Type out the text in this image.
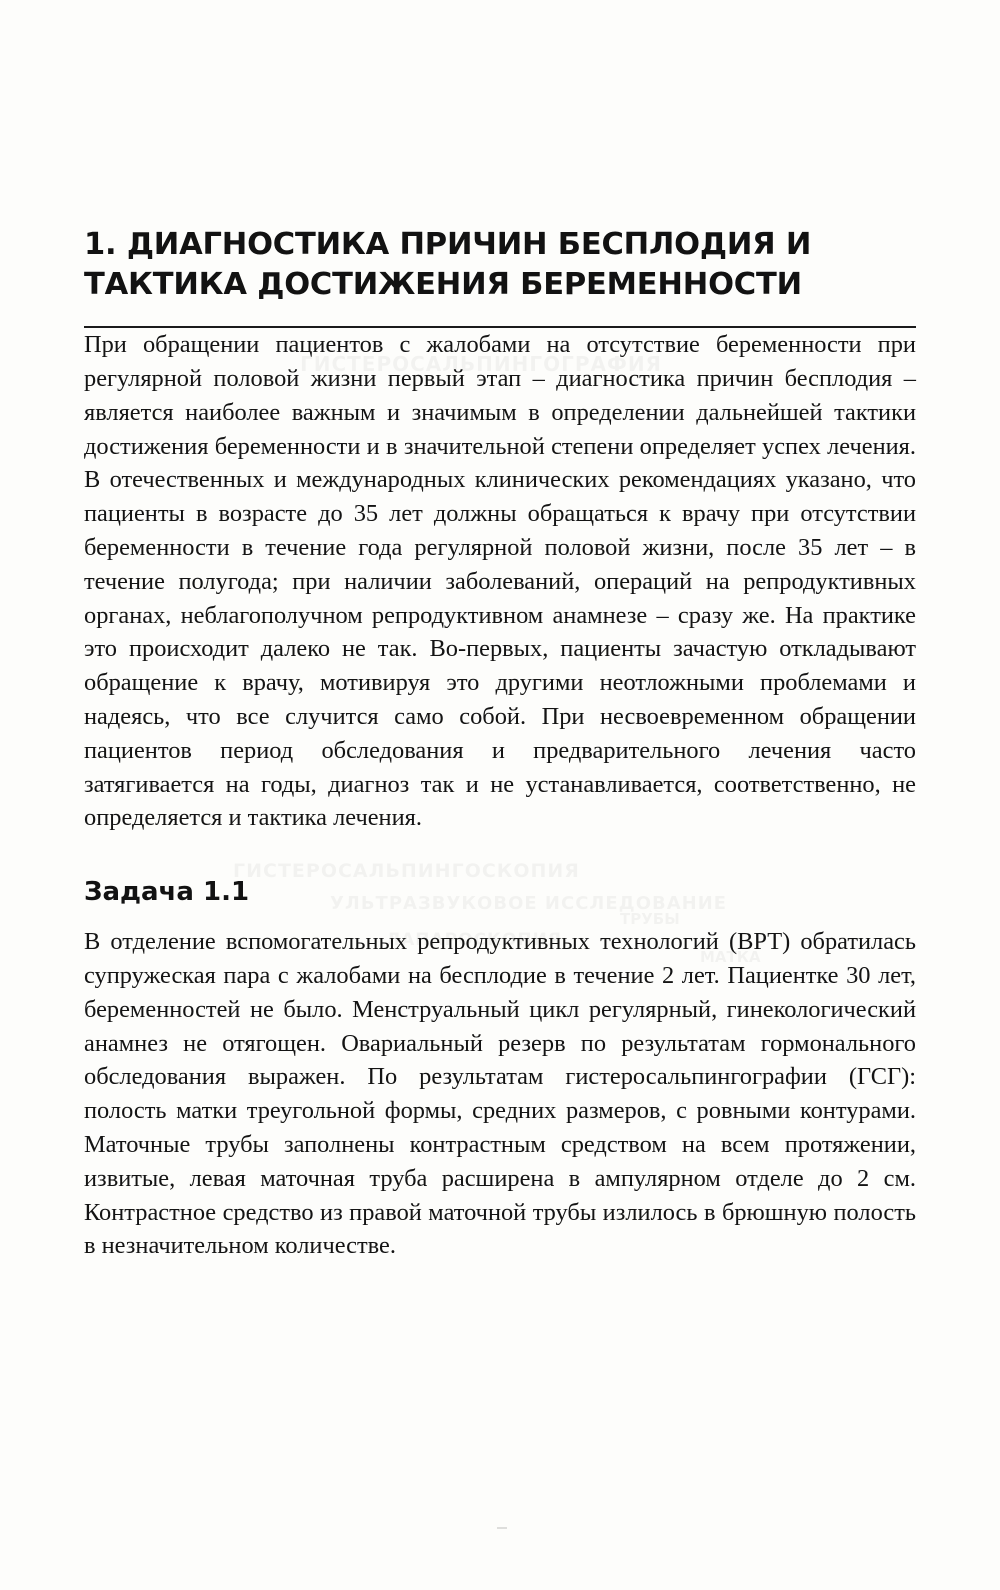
1. ДИАГНОСТИКА ПРИЧИН БЕСПЛОДИЯ И ТАКТИКА ДОСТИЖЕНИЯ БЕРЕМЕННОСТИ

При обращении пациентов с жалобами на отсутствие беременности при регулярной половой жизни первый этап – диагностика причин бесплодия – является наиболее важным и значимым в определении дальнейшей тактики достижения беременности и в значительной степени определяет успех лечения. В отечественных и международных клинических рекомендациях указано, что пациенты в возрасте до 35 лет должны обращаться к врачу при отсутствии беременности в течение года регулярной половой жизни, после 35 лет – в течение полугода; при наличии заболеваний, операций на репродуктивных органах, неблагополучном репродуктивном анамнезе – сразу же. На практике это происходит далеко не так. Во-первых, пациенты зачастую откладывают обращение к врачу, мотивируя это другими неотложными проблемами и надеясь, что все случится само собой. При несвоевременном обращении пациентов период обследования и предварительного лечения часто затягивается на годы, диагноз так и не устанавливается, соответственно, не определяется и тактика лечения.

Задача 1.1

В отделение вспомогательных репродуктивных технологий (ВРТ) обратилась супружеская пара с жалобами на бесплодие в течение 2 лет. Пациентке 30 лет, беременностей не было. Менструальный цикл регулярный, гинекологический анамнез не отягощен. Овариальный резерв по результатам гормонального обследования выражен. По результатам гистеросальпингографии (ГСГ): полость матки треугольной формы, средних размеров, с ровными контурами. Маточные трубы заполнены контрастным средством на всем протяжении, извитые, левая маточная труба расширена в ампулярном отделе до 2 см. Контрастное средство из правой маточной трубы излилось в брюшную полость в незначительном количестве.
